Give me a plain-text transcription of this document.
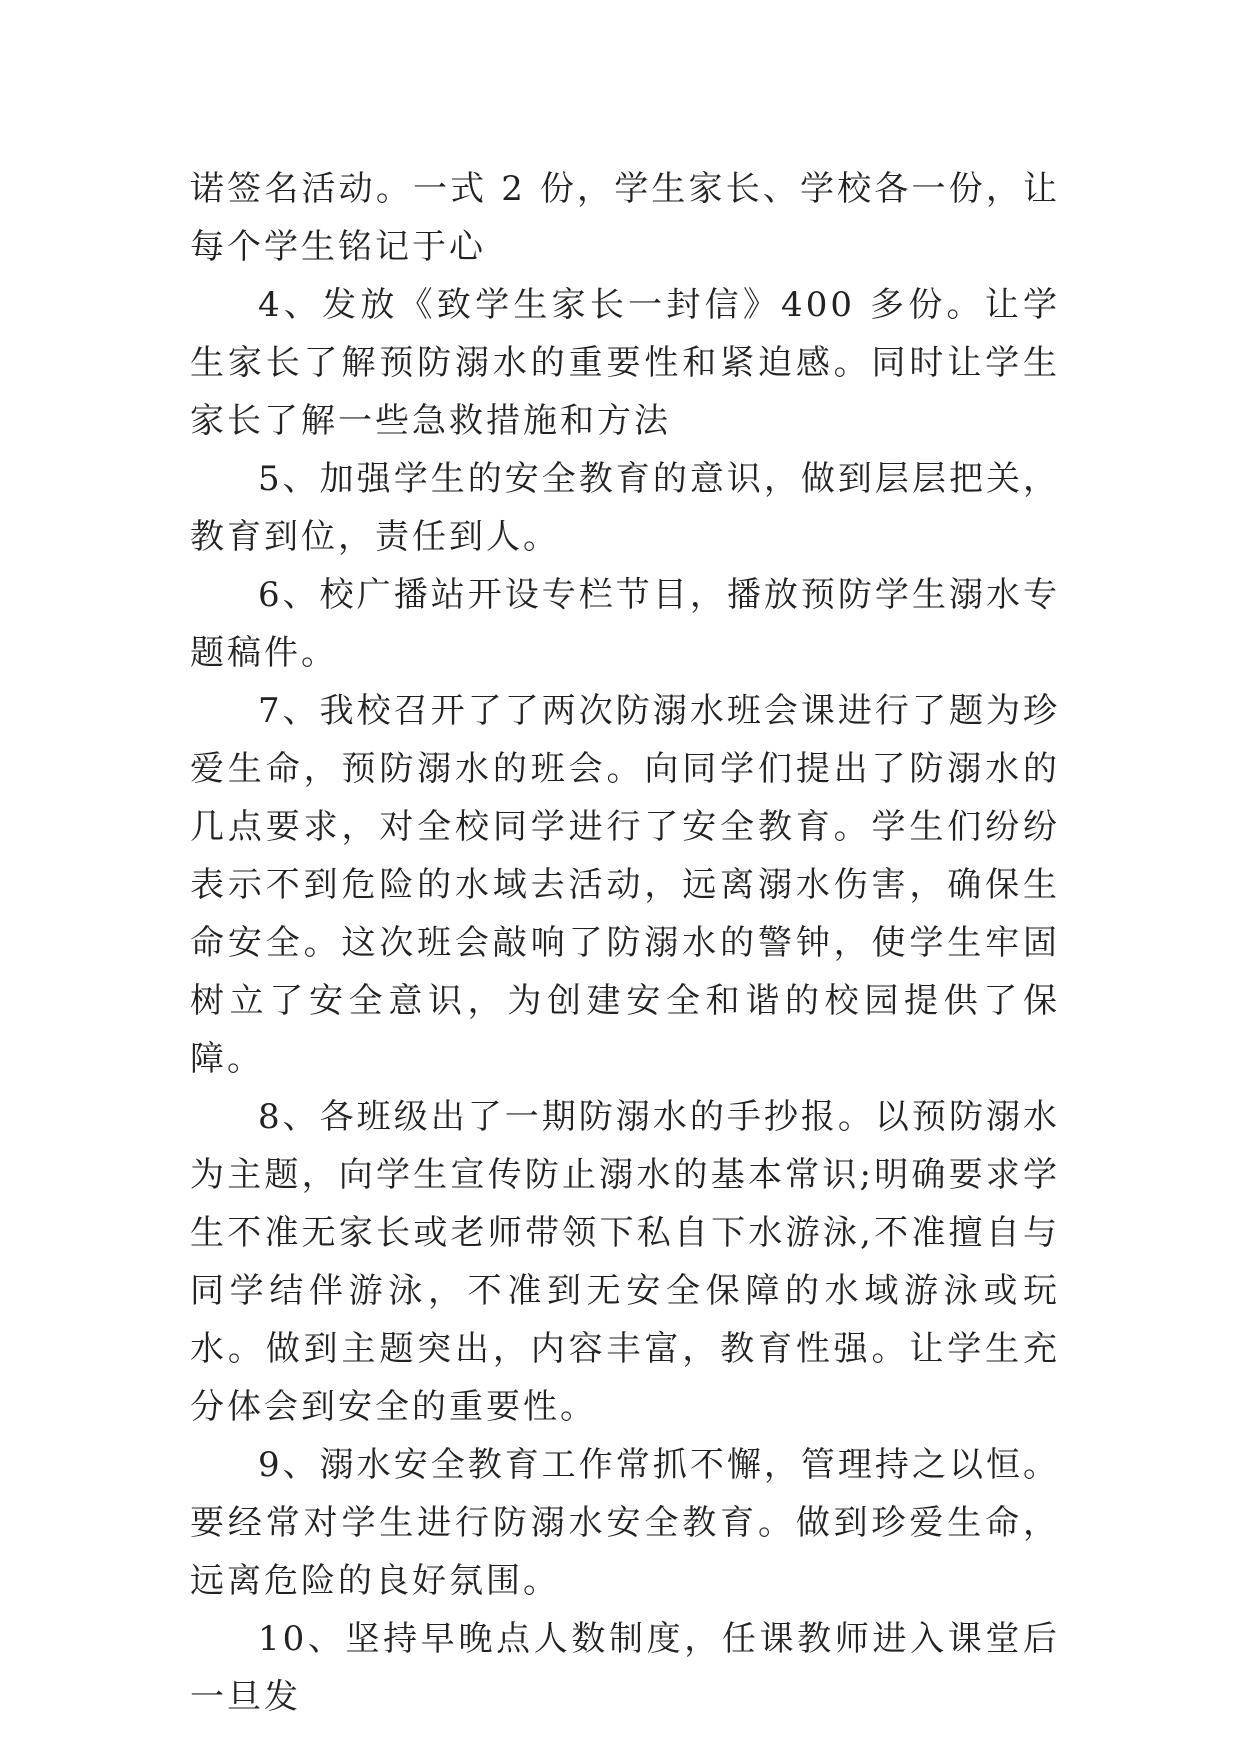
诺签名活动。一式 2 份，学生家长、学校各一份，让每个学生铭记于心

4、发放《致学生家长一封信》400 多份。让学生家长了解预防溺水的重要性和紧迫感。同时让学生家长了解一些急救措施和方法

5、加强学生的安全教育的意识，做到层层把关，教育到位，责任到人。

6、校广播站开设专栏节目，播放预防学生溺水专题稿件。

7、我校召开了了两次防溺水班会课进行了题为珍爱生命，预防溺水的班会。向同学们提出了防溺水的几点要求，对全校同学进行了安全教育。学生们纷纷表示不到危险的水域去活动，远离溺水伤害，确保生命安全。这次班会敲响了防溺水的警钟，使学生牢固树立了安全意识，为创建安全和谐的校园提供了保障。

8、各班级出了一期防溺水的手抄报。以预防溺水为主题，向学生宣传防止溺水的基本常识;明确要求学生不准无家长或老师带领下私自下水游泳,不准擅自与同学结伴游泳，不准到无安全保障的水域游泳或玩水。做到主题突出，内容丰富，教育性强。让学生充分体会到安全的重要性。

9、溺水安全教育工作常抓不懈，管理持之以恒。要经常对学生进行防溺水安全教育。做到珍爱生命，远离危险的良好氛围。

10、坚持早晚点人数制度，任课教师进入课堂后一旦发
